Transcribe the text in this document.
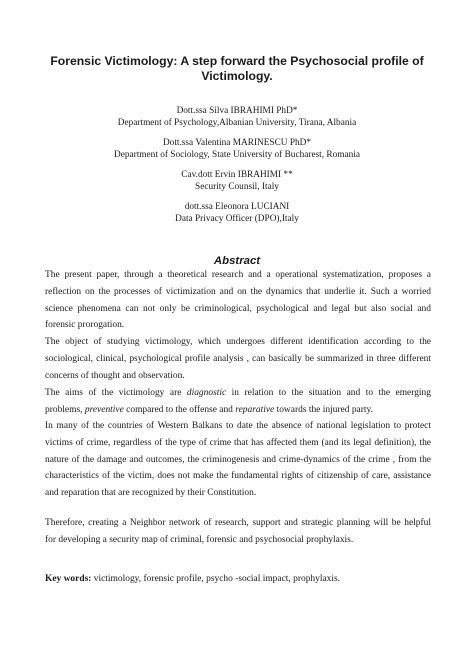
Forensic Victimology: A step forward the Psychosocial profile of
Victimology.
Dott.ssa Silva IBRAHIMI PhD*
Department of Psychology,Albanian University, Tirana, Albania
Dott.ssa Valentina MARINESCU PhD*
Department of Sociology, State University of Bucharest, Romania
Cav.dott Ervin IBRAHIMI **
Security Counsil, Italy
dott.ssa Eleonora LUCIANI
Data Privacy Officer (DPO),Italy
Abstract

The present paper, through a theoretical research and a operational systematization, proposes a
reflection on the processes of victimization and on the dynamics that underlie it. Such a worried
science phenomena can not only be criminological, psychological and legal but also social and
forensic prorogation.

The object of studying victimology, which undergoes different identification according to the
sociological, clinical, psychological profile analysis , can basically be summarized in three different
concerns of thought and observation.

The aims of the victimology are diagnostic in relation to the situation and to the emerging
problems, preventive compared to the offense and reparative towards the injured party.

In many of the countries of Western Balkans to date the absence of national legislation to protect
victims of crime, regardless of the type of crime that has affected them (and its legal definition), the
nature of the damage and outcomes, the criminogenesis and crime-dynamics of the crime , from the
characteristics of the victim, does not make the fundamental rights of citizenship of care, assistance
and reparation that are recognized by their Constitution.

Therefore, creating a Neighbor network of research, support and strategic planning will be helpful
for developing a security map of criminal, forensic and psychosocial prophylaxis.

Key words: victimology, forensic profile, psycho -social impact, prophylaxis.
